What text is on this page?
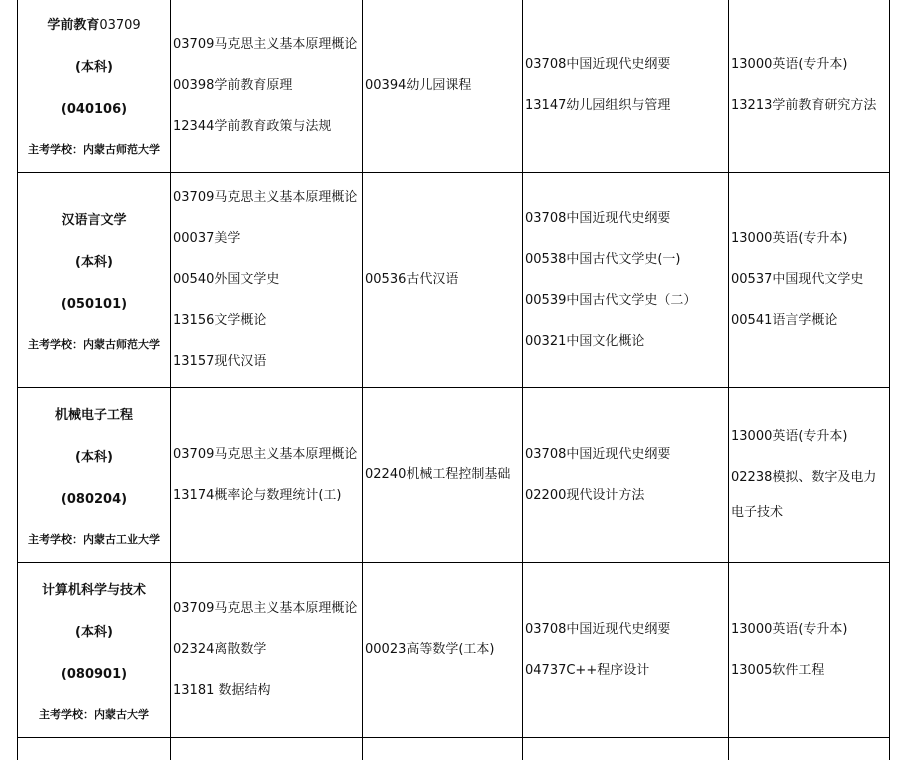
学前教育03709
(本科)
(040106)
主考学校：内蒙古师范大学
03709马克思主义基本原理概论
00398学前教育原理
12344学前教育政策与法规
00394幼儿园课程
03708中国近现代史纲要
13147幼儿园组织与管理
13000英语(专升本)
13213学前教育研究方法
汉语言文学
(本科)
(050101)
主考学校：内蒙古师范大学
03709马克思主义基本原理概论
00037美学
00540外国文学史
13156文学概论
13157现代汉语
00536古代汉语
03708中国近现代史纲要
00538中国古代文学史(一)
00539中国古代文学史（二）
00321中国文化概论
13000英语(专升本)
00537中国现代文学史
00541语言学概论
机械电子工程
(本科)
(080204)
主考学校：内蒙古工业大学
03709马克思主义基本原理概论
13174概率论与数理统计(工)
02240机械工程控制基础
03708中国近现代史纲要
02200现代设计方法
13000英语(专升本)
02238模拟、数字及电力电子技术
计算机科学与技术
(本科)
(080901)
主考学校：内蒙古大学
03709马克思主义基本原理概论
02324离散数学
13181 数据结构
00023高等数学(工本)
03708中国近现代史纲要
04737C++程序设计
13000英语(专升本)
13005软件工程
